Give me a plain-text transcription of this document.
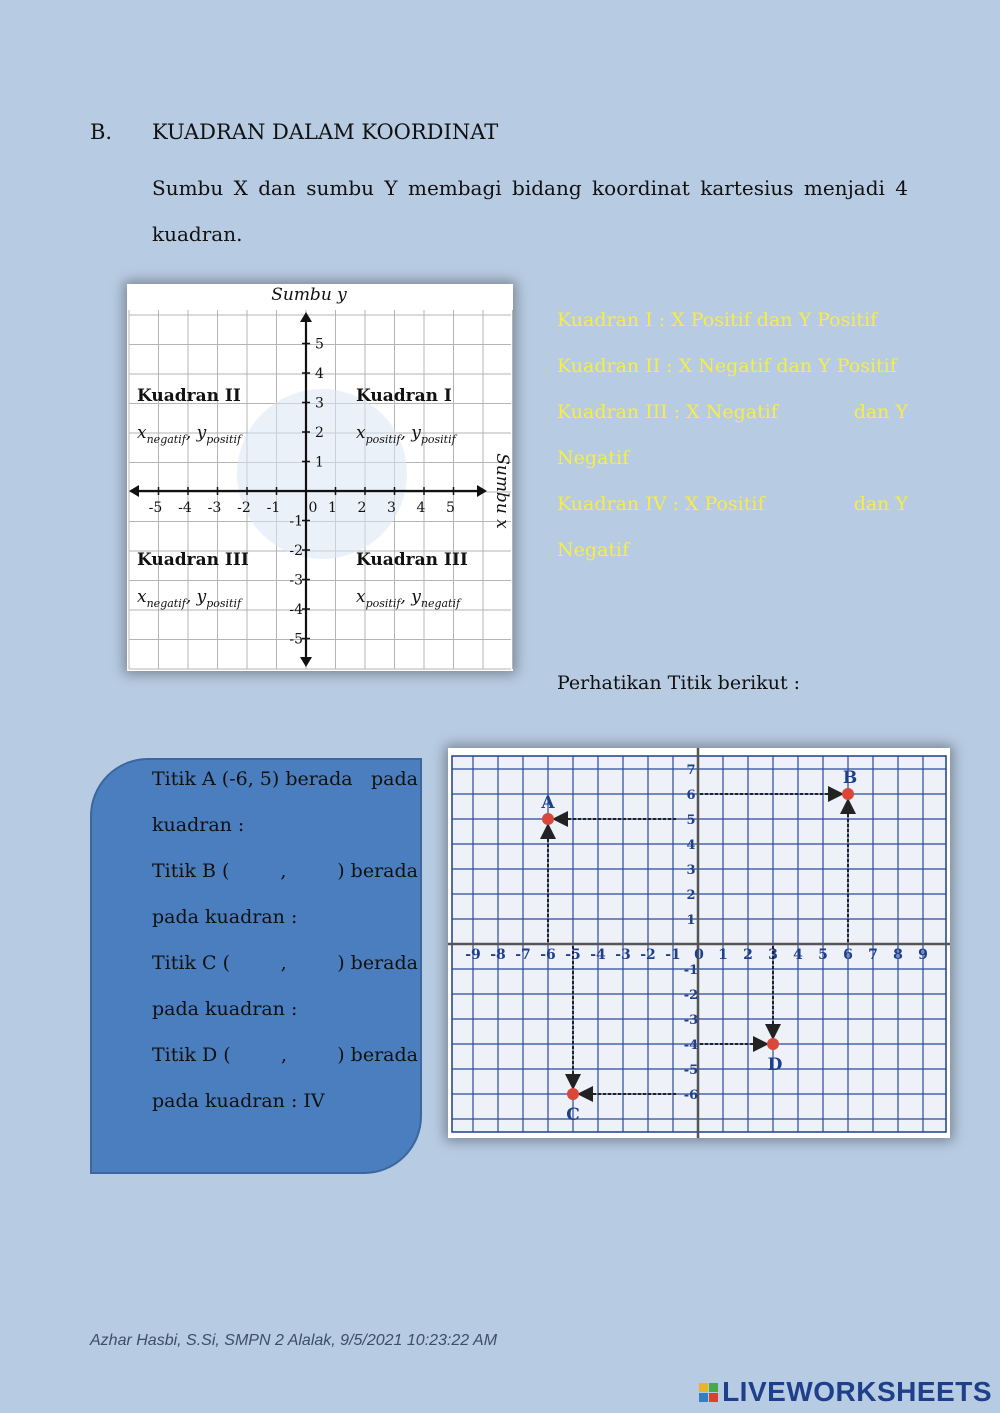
B. KUADRAN DALAM KOORDINAT
Sumbu X dan sumbu Y membagi bidang koordinat kartesius menjadi 4 kuadran.
Sumbu y
Sumbu x
-5 -4 -3 -2 -1 0 1 2 3 4 5
-5
-4
-3
-2
-1
1
2
3
4
5
Kuadran II
$x_{negatif}$, $y_{positif}$
Kuadran I
$x_{positif}$, $y_{positif}$
Kuadran III
$x_{negatif}$, $y_{positif}$
Kuadran III
$x_{positif}$, $y_{negatif}$
Kuadran I : X Positif dan Y Positif
Kuadran II : X Negatif dan Y Positif
Kuadran III : X Negatif	dan Y
Negatif
Kuadran IV : X Positif	dan Y
Negatif
Perhatikan Titik berikut :
Titik A (-6, 5) berada pada
kuadran :
Titik B (	,	) berada
pada kuadran :
Titik C (	,	) berada
pada kuadran :
Titik D (	,	) berada
pada kuadran : IV
-9 -8 -7 -6 -5 -4 -3 -2 -1 0 1 2 3 4 5 6 7 8 9
-6
-5
-4
-3
-2
-1
1
2
3
4
5
6
7
A
B
C
D
Azhar Hasbi, S.Si, SMPN 2 Alalak, 9/5/2021 10:23:22 AM
LIVEWORKSHEETS
